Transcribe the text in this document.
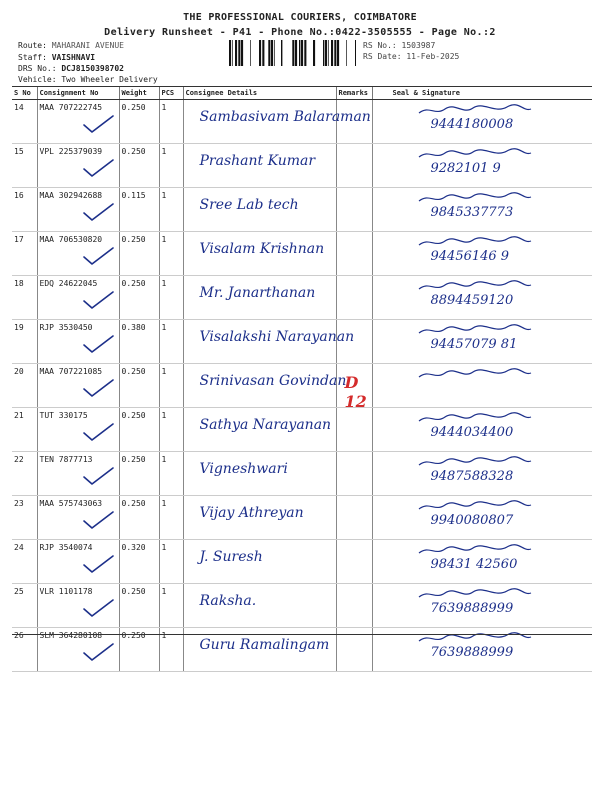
THE PROFESSIONAL COURIERS, COIMBATORE
Delivery Runsheet - P41 - Phone No.:0422-3505555 - Page No.:2
Route: MAHARANI AVENUE
Staff: VAISHNAVI
DRS No.: DCJ8150398702
Vehicle: Two Wheeler Delivery
RS No.: 1503987
RS Date: 11-Feb-2025
S No	Consignment No	Weight	PCS	Consignee Details	Remarks	Seal & Signature
14	MAA 707222745	0.250	1	Sambasivam Balaraman		9444180008

15	VPL 225379039	0.250	1	Prashant Kumar		9282101 9

16	MAA 302942688	0.115	1	Sree Lab tech		9845337773

17	MAA 706530820	0.250	1	Visalam Krishnan		94456146 9

18	EDQ 24622045	0.250	1	Mr. Janarthanan		8894459120

19	RJP 3530450	0.380	1	Visalakshi Narayanan		94457079 81

20	MAA 707221085	0.250	1	Srinivasan Govindan	D 12

21	TUT 330175	0.250	1	Sathya Narayanan		9444034400

22	TEN 7877713	0.250	1	Vigneshwari		9487588328

23	MAA 575743063	0.250	1	Vijay Athreyan		9940080807

24	RJP 3540074	0.320	1	J. Suresh		98431 42560

25	VLR 1101178	0.250	1	Raksha.		7639888999

26	SLM 364280108	0.250	1	Guru Ramalingam		7639888999
